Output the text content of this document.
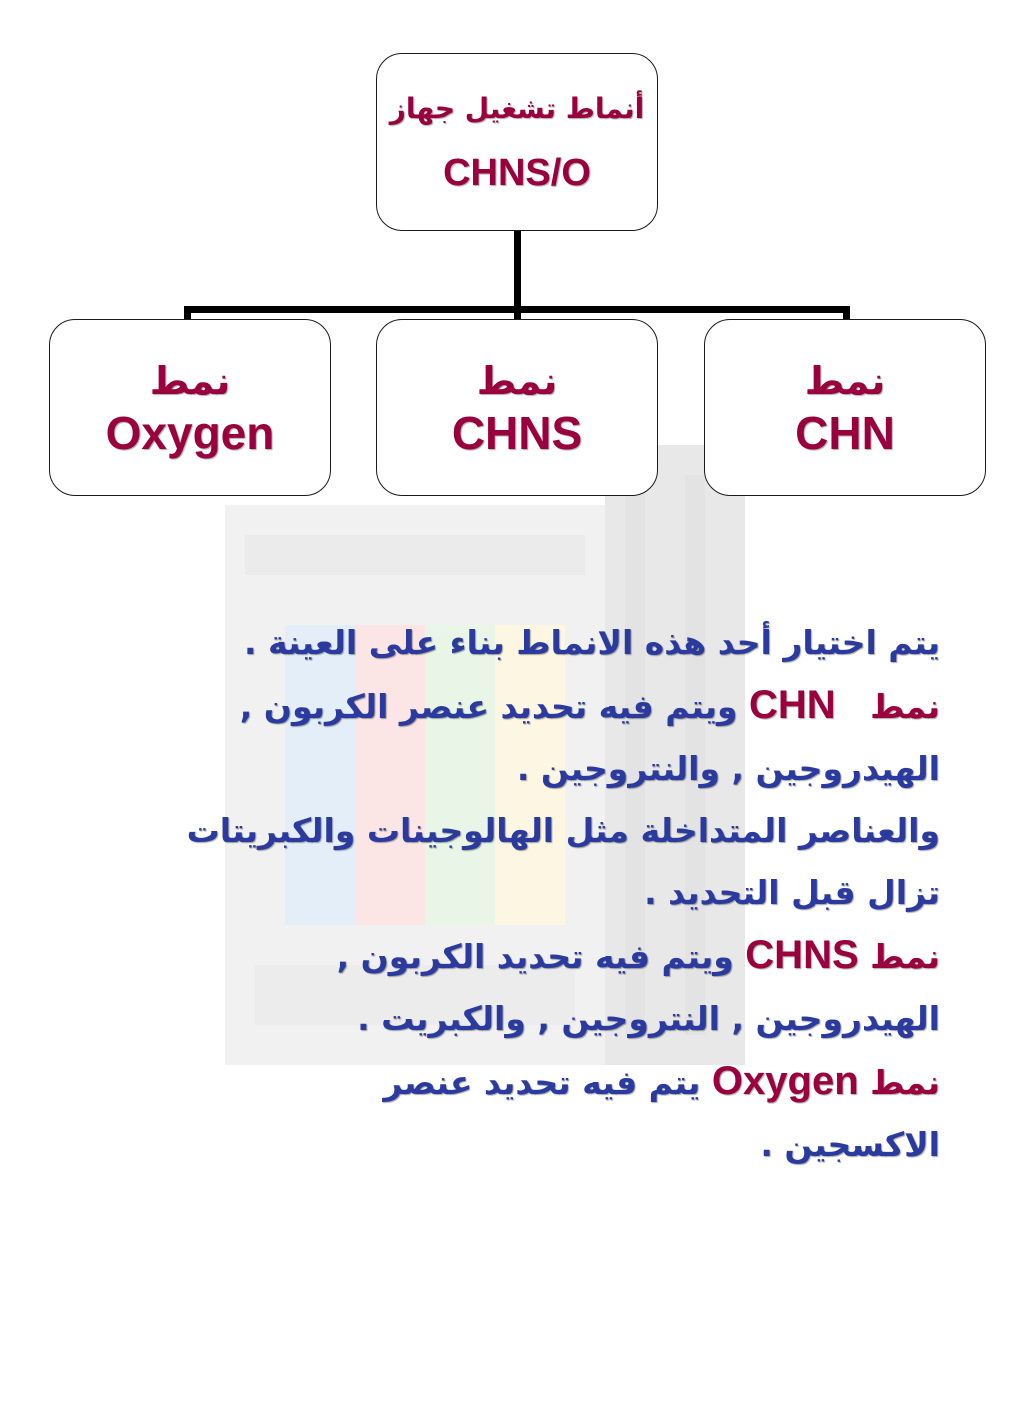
أنماط تشغيل جهاز
CHNS/O
نمط
CHN
نمط
CHNS
نمط
Oxygen
يتم اختيار أحد هذه الانماط بناء على العينة .
نمط   CHN ويتم فيه تحديد عنصر الكربون ,
الهيدروجين , والنتروجين .
والعناصر المتداخلة مثل الهالوجينات والكبريتات
تزال قبل التحديد .
نمط CHNS ويتم فيه تحديد الكربون ,
الهيدروجين , النتروجين , والكبريت .
نمط Oxygen يتم فيه تحديد عنصر
الاكسجين .
